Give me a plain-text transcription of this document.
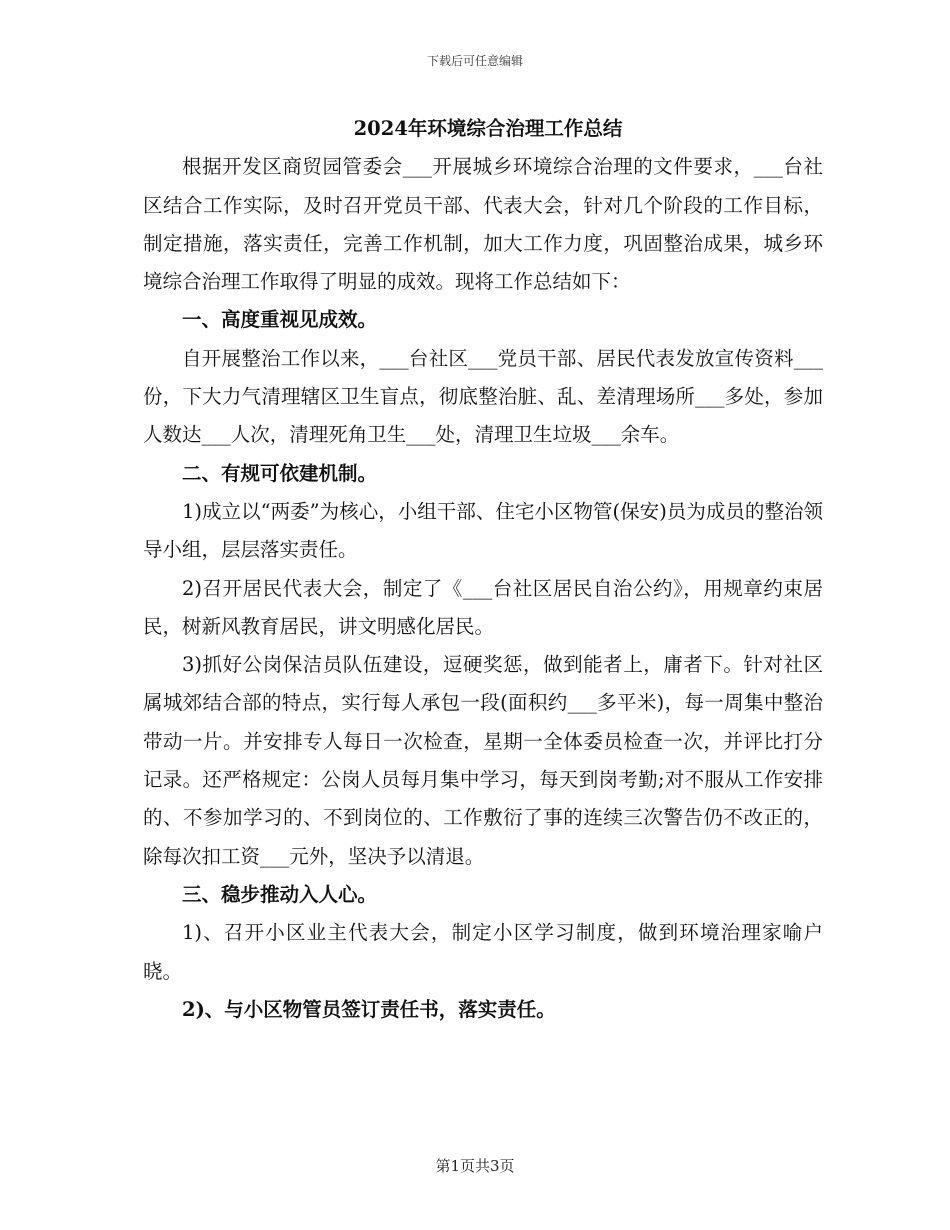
下载后可任意编辑

2024年环境综合治理工作总结

根据开发区商贸园管委会___开展城乡环境综合治理的文件要求，___台社区结合工作实际，及时召开党员干部、代表大会，针对几个阶段的工作目标，制定措施，落实责任，完善工作机制，加大工作力度，巩固整治成果，城乡环境综合治理工作取得了明显的成效。现将工作总结如下：

一、高度重视见成效。

自开展整治工作以来，___台社区___党员干部、居民代表发放宣传资料___份，下大力气清理辖区卫生盲点，彻底整治脏、乱、差清理场所___多处，参加人数达___人次，清理死角卫生___处，清理卫生垃圾___余车。

二、有规可依建机制。

1)成立以“两委”为核心，小组干部、住宅小区物管(保安)员为成员的整治领导小组，层层落实责任。

2)召开居民代表大会，制定了《___台社区居民自治公约》，用规章约束居民，树新风教育居民，讲文明感化居民。

3)抓好公岗保洁员队伍建设，逗硬奖惩，做到能者上，庸者下。针对社区属城郊结合部的特点，实行每人承包一段(面积约___多平米)，每一周集中整治带动一片。并安排专人每日一次检查，星期一全体委员检查一次，并评比打分记录。还严格规定：公岗人员每月集中学习，每天到岗考勤;对不服从工作安排的、不参加学习的、不到岗位的、工作敷衍了事的连续三次警告仍不改正的，除每次扣工资___元外，坚决予以清退。

三、稳步推动入人心。

1)、召开小区业主代表大会，制定小区学习制度，做到环境治理家喻户晓。

2)、与小区物管员签订责任书，落实责任。

第1页共3页
